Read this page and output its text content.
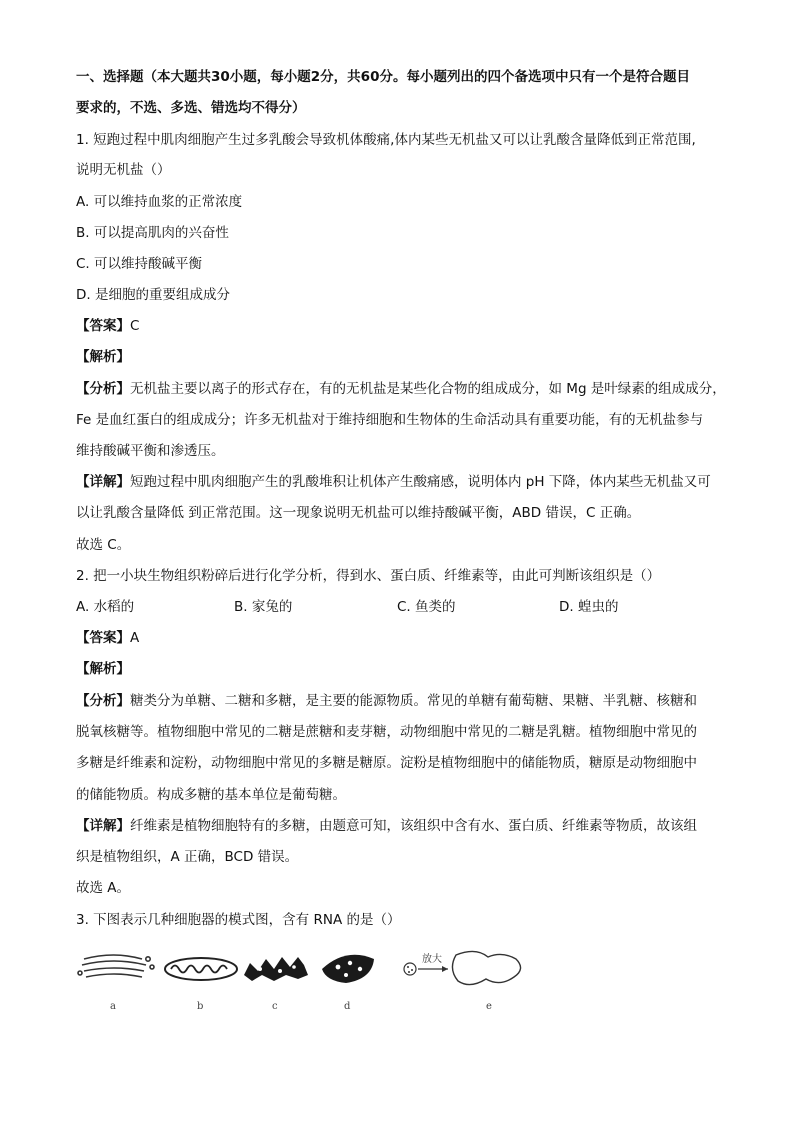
一、选择题（本大题共30小题，每小题2分，共60分。每小题列出的四个备选项中只有一个是符合题目
要求的，不选、多选、错选均不得分）
1. 短跑过程中肌肉细胞产生过多乳酸会导致机体酸痛,体内某些无机盐又可以让乳酸含量降低到正常范围,
说明无机盐（）
A. 可以维持血浆的正常浓度
B. 可以提高肌肉的兴奋性
C. 可以维持酸碱平衡
D. 是细胞的重要组成成分
【答案】C
【解析】
【分析】无机盐主要以离子的形式存在，有的无机盐是某些化合物的组成成分，如 Mg 是叶绿素的组成成分，
Fe 是血红蛋白的组成成分；许多无机盐对于维持细胞和生物体的生命活动具有重要功能，有的无机盐参与
维持酸碱平衡和渗透压。
【详解】短跑过程中肌肉细胞产生的乳酸堆积让机体产生酸痛感，说明体内 pH 下降，体内某些无机盐又可
以让乳酸含量降低 到正常范围。这一现象说明无机盐可以维持酸碱平衡，ABD 错误，C 正确。
故选 C。
2. 把一小块生物组织粉碎后进行化学分析，得到水、蛋白质、纤维素等，由此可判断该组织是（）
A. 水稻的	B. 家兔的	C. 鱼类的	D. 蝗虫的
【答案】A
【解析】
【分析】糖类分为单糖、二糖和多糖，是主要的能源物质。常见的单糖有葡萄糖、果糖、半乳糖、核糖和
脱氧核糖等。植物细胞中常见的二糖是蔗糖和麦芽糖，动物细胞中常见的二糖是乳糖。植物细胞中常见的
多糖是纤维素和淀粉，动物细胞中常见的多糖是糖原。淀粉是植物细胞中的储能物质，糖原是动物细胞中
的储能物质。构成多糖的基本单位是葡萄糖。
【详解】纤维素是植物细胞特有的多糖，由题意可知，该组织中含有水、蛋白质、纤维素等物质，故该组
织是植物组织，A 正确，BCD 错误。
故选 A。
3. 下图表示几种细胞器的模式图，含有 RNA 的是（）
a	b	c	d	e
放大
